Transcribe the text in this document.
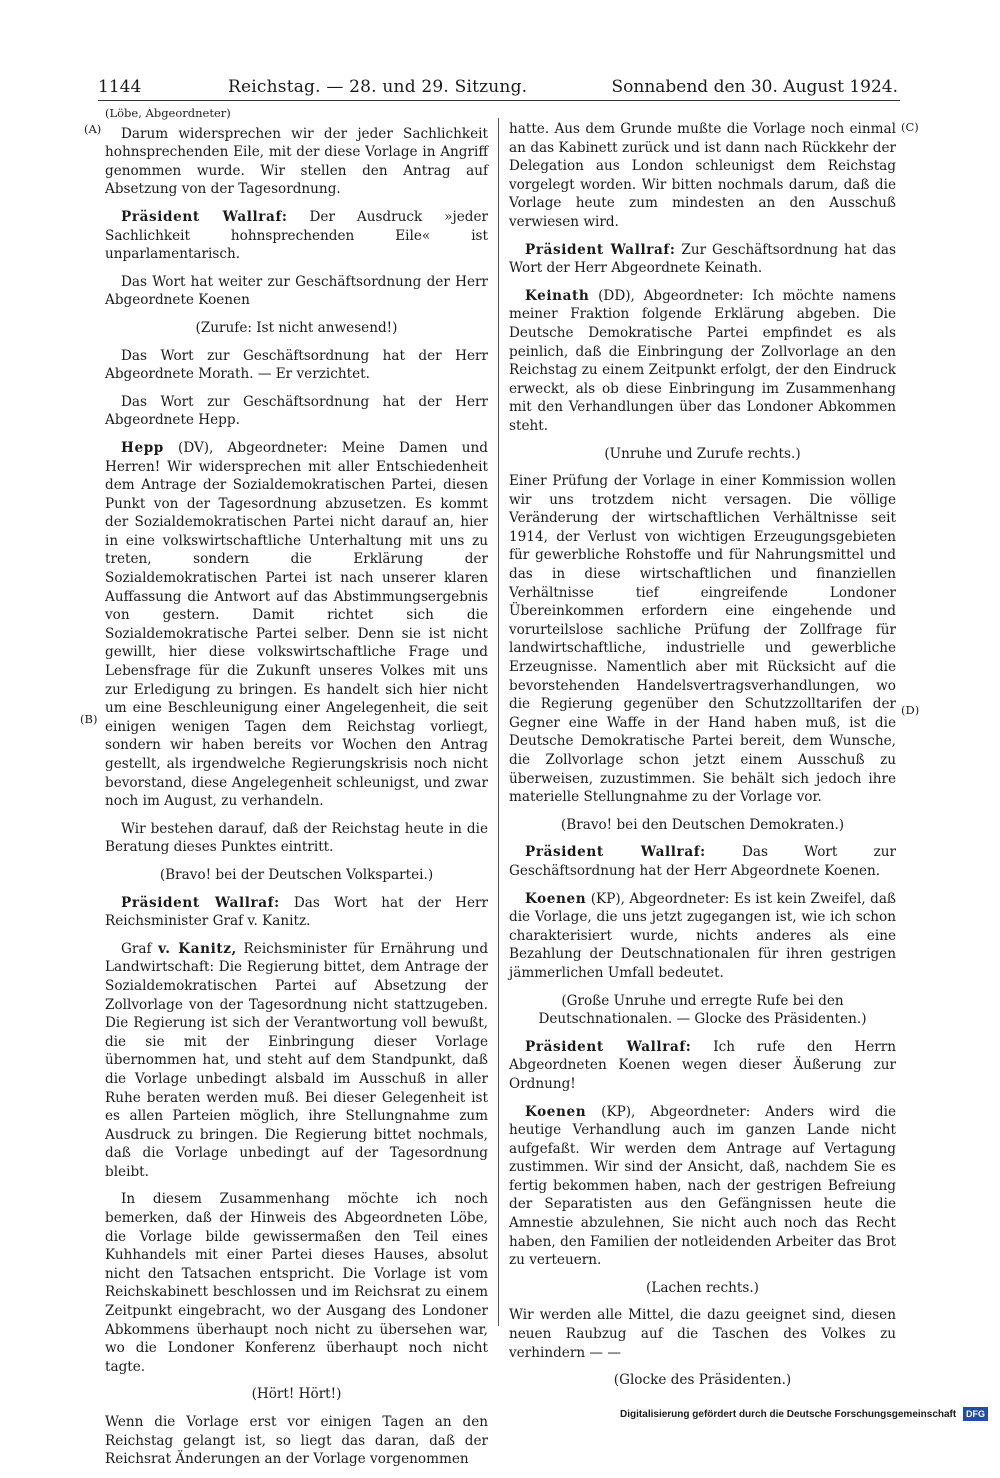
1144	Reichstag. — 28. und 29. Sitzung.	Sonnabend den 30. August 1924.
(A)
(B)
(C)
(D)

(Löbe, Abgeordneter)

Darum widersprechen wir der jeder Sachlichkeit hohnsprechenden Eile, mit der diese Vorlage in Angriff genommen wurde. Wir stellen den Antrag auf Absetzung von der Tagesordnung.

Präsident Wallraf: Der Ausdruck »jeder Sachlichkeit hohnsprechenden Eile« ist unparlamentarisch.

Das Wort hat weiter zur Geschäftsordnung der Herr Abgeordnete Koenen

(Zurufe: Ist nicht anwesend!)

Das Wort zur Geschäftsordnung hat der Herr Abgeordnete Morath. — Er verzichtet.

Das Wort zur Geschäftsordnung hat der Herr Abgeordnete Hepp.

Hepp (DV), Abgeordneter: Meine Damen und Herren! Wir widersprechen mit aller Entschiedenheit dem Antrage der Sozialdemokratischen Partei, diesen Punkt von der Tagesordnung abzusetzen. Es kommt der Sozialdemokratischen Partei nicht darauf an, hier in eine volkswirtschaftliche Unterhaltung mit uns zu treten, sondern die Erklärung der Sozialdemokratischen Partei ist nach unserer klaren Auffassung die Antwort auf das Abstimmungsergebnis von gestern. Damit richtet sich die Sozialdemokratische Partei selber. Denn sie ist nicht gewillt, hier diese volkswirtschaftliche Frage und Lebensfrage für die Zukunft unseres Volkes mit uns zur Erledigung zu bringen. Es handelt sich hier nicht um eine Beschleunigung einer Angelegenheit, die seit einigen wenigen Tagen dem Reichstag vorliegt, sondern wir haben bereits vor Wochen den Antrag gestellt, als irgendwelche Regierungskrisis noch nicht bevorstand, diese Angelegenheit schleunigst, und zwar noch im August, zu verhandeln.

Wir bestehen darauf, daß der Reichstag heute in die Beratung dieses Punktes eintritt.

(Bravo! bei der Deutschen Volkspartei.)

Präsident Wallraf: Das Wort hat der Herr Reichsminister Graf v. Kanitz.

Graf v. Kanitz, Reichsminister für Ernährung und Landwirtschaft: Die Regierung bittet, dem Antrage der Sozialdemokratischen Partei auf Absetzung der Zollvorlage von der Tagesordnung nicht stattzugeben. Die Regierung ist sich der Verantwortung voll bewußt, die sie mit der Einbringung dieser Vorlage übernommen hat, und steht auf dem Standpunkt, daß die Vorlage unbedingt alsbald im Ausschuß in aller Ruhe beraten werden muß. Bei dieser Gelegenheit ist es allen Parteien möglich, ihre Stellungnahme zum Ausdruck zu bringen. Die Regierung bittet nochmals, daß die Vorlage unbedingt auf der Tagesordnung bleibt.

In diesem Zusammenhang möchte ich noch bemerken, daß der Hinweis des Abgeordneten Löbe, die Vorlage bilde gewissermaßen den Teil eines Kuhhandels mit einer Partei dieses Hauses, absolut nicht den Tatsachen entspricht. Die Vorlage ist vom Reichskabinett beschlossen und im Reichsrat zu einem Zeitpunkt eingebracht, wo der Ausgang des Londoner Abkommens überhaupt noch nicht zu übersehen war, wo die Londoner Konferenz überhaupt noch nicht tagte.

(Hört! Hört!)

Wenn die Vorlage erst vor einigen Tagen an den Reichstag gelangt ist, so liegt das daran, daß der Reichsrat Änderungen an der Vorlage vorgenommen

hatte. Aus dem Grunde mußte die Vorlage noch einmal an das Kabinett zurück und ist dann nach Rückkehr der Delegation aus London schleunigst dem Reichstag vorgelegt worden. Wir bitten nochmals darum, daß die Vorlage heute zum mindesten an den Ausschuß verwiesen wird.

Präsident Wallraf: Zur Geschäftsordnung hat das Wort der Herr Abgeordnete Keinath.

Keinath (DD), Abgeordneter: Ich möchte namens meiner Fraktion folgende Erklärung abgeben. Die Deutsche Demokratische Partei empfindet es als peinlich, daß die Einbringung der Zollvorlage an den Reichstag zu einem Zeitpunkt erfolgt, der den Eindruck erweckt, als ob diese Einbringung im Zusammenhang mit den Verhandlungen über das Londoner Abkommen steht.

(Unruhe und Zurufe rechts.)

Einer Prüfung der Vorlage in einer Kommission wollen wir uns trotzdem nicht versagen. Die völlige Veränderung der wirtschaftlichen Verhältnisse seit 1914, der Verlust von wichtigen Erzeugungsgebieten für gewerbliche Rohstoffe und für Nahrungsmittel und das in diese wirtschaftlichen und finanziellen Verhältnisse tief eingreifende Londoner Übereinkommen erfordern eine eingehende und vorurteilslose sachliche Prüfung der Zollfrage für landwirtschaftliche, industrielle und gewerbliche Erzeugnisse. Namentlich aber mit Rücksicht auf die bevorstehenden Handelsvertragsverhandlungen, wo die Regierung gegenüber den Schutzzolltarifen der Gegner eine Waffe in der Hand haben muß, ist die Deutsche Demokratische Partei bereit, dem Wunsche, die Zollvorlage schon jetzt einem Ausschuß zu überweisen, zuzustimmen. Sie behält sich jedoch ihre materielle Stellungnahme zu der Vorlage vor.

(Bravo! bei den Deutschen Demokraten.)

Präsident Wallraf:	Das Wort zur Geschäftsordnung hat der Herr Abgeordnete Koenen.

Koenen (KP), Abgeordneter: Es ist kein Zweifel, daß die Vorlage, die uns jetzt zugegangen ist, wie ich schon charakterisiert wurde, nichts anderes als eine Bezahlung der Deutschnationalen für ihren gestrigen jämmerlichen Umfall bedeutet.

(Große Unruhe und erregte Rufe bei den Deutschnationalen. — Glocke des Präsidenten.)

Präsident Wallraf: Ich rufe den Herrn Abgeordneten Koenen wegen dieser Äußerung zur Ordnung!

Koenen (KP), Abgeordneter: Anders wird die heutige Verhandlung auch im ganzen Lande nicht aufgefaßt. Wir werden dem Antrage auf Vertagung zustimmen. Wir sind der Ansicht, daß, nachdem Sie es fertig bekommen haben, nach der gestrigen Befreiung der Separatisten aus den Gefängnissen heute die Amnestie abzulehnen, Sie nicht auch noch das Recht haben, den Familien der notleidenden Arbeiter das Brot zu verteuern.

(Lachen rechts.)

Wir werden alle Mittel, die dazu geeignet sind, diesen neuen Raubzug auf die Taschen des Volkes zu verhindern — —

(Glocke des Präsidenten.)

Digitalisierung gefördert durch die Deutsche Forschungsgemeinschaft DFG
